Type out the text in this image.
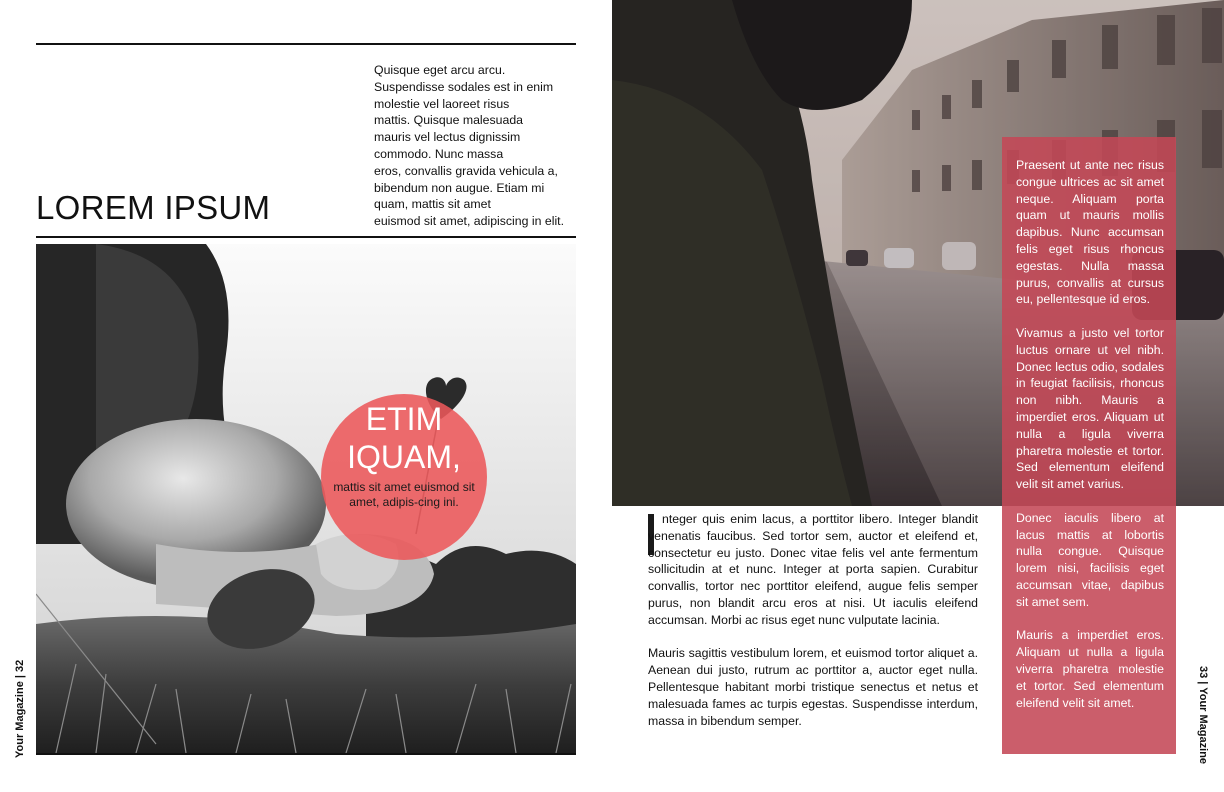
Quisque eget arcu arcu.
Suspendisse sodales est in enim
molestie vel laoreet risus
mattis. Quisque malesuada
mauris vel lectus dignissim
commodo. Nunc massa
eros, convallis gravida vehicula a,
bibendum non augue. Etiam mi
quam, mattis sit amet
euismod sit amet, adipiscing in elit.
LOREM IPSUM
ETIM
IQUAM,
mattis sit amet euismod sit amet, adipis-cing ini.
Your Magazine | 32

nteger quis enim lacus, a porttitor libero. Integer blandit venenatis faucibus. Sed tortor sem, auctor et eleifend et, consectetur eu justo. Donec vitae felis vel ante fermentum sollicitudin at et nunc. Integer at porta sapien. Curabitur convallis, tortor nec porttitor eleifend, augue felis semper purus, non blandit arcu eros at nisi. Ut iaculis eleifend accumsan. Morbi ac risus eget nunc vulputate lacinia.

Mauris sagittis vestibulum lorem, et euismod tortor aliquet a. Aenean dui justo, rutrum ac porttitor a, auctor eget nulla. Pellentesque habitant morbi tristique senectus et netus et malesuada fames ac turpis egestas. Suspendisse interdum, massa in bibendum semper.

Praesent ut ante nec risus congue ultrices ac sit amet neque. Aliquam porta quam ut mauris mollis dapibus. Nunc accumsan felis eget risus rhoncus egestas. Nulla massa purus, convallis at cursus eu, pellentesque id eros.

Vivamus a justo vel tortor luctus ornare ut vel nibh. Donec lectus odio, sodales in feugiat facilisis, rhoncus non nibh. Mauris a imperdiet eros. Aliquam ut nulla a ligula viverra pharetra molestie et tortor. Sed elementum eleifend velit sit amet varius.

Donec iaculis libero at lacus mattis at lobortis nulla congue. Quisque lorem nisi, facilisis eget accumsan vitae, dapibus sit amet sem.

Mauris a imperdiet eros. Aliquam ut nulla a ligula viverra pharetra molestie et tortor. Sed elementum eleifend velit sit amet.	33 | Your Magazine
